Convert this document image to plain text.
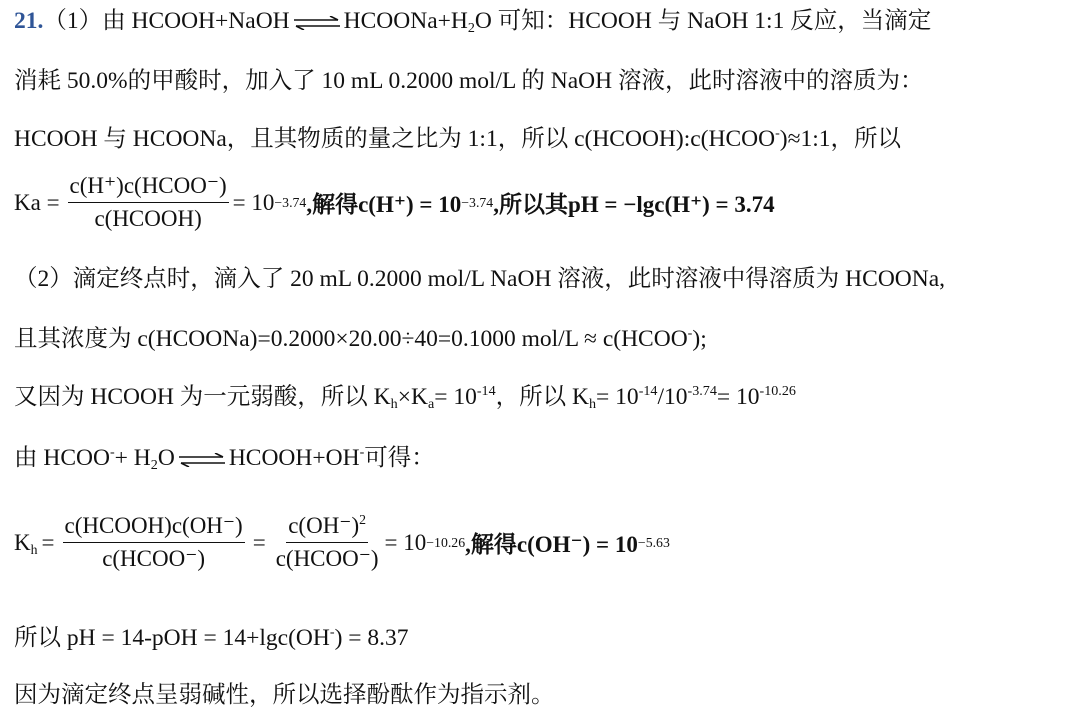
21.（1）由 HCOOH+NaOH ⇌ $HCOONa+H_2O$ 可知：HCOOH 与 NaOH 1:1 反应，当滴定
消耗 50.0%的甲酸时，加入了 10 mL 0.2000 mol/L 的 NaOH 溶液，此时溶液中的溶质为：
HCOOH 与 HCOONa，且其物质的量之比为 1:1，所以 c(HCOOH):c(HCOO-)≈1:1，所以
$Ka = \frac{\text{c(H⁺)c(HCOO⁻)}}{\text{c(HCOOH)}} = 10 -3.74$ ,解得c(H⁺) = 10 −3.74 ,所以其pH = −lgc(H⁺) = 3.74
（2）滴定终点时，滴入了 20 mL 0.2000 mol/L NaOH 溶液，此时溶液中得溶质为 HCOONa,
且其浓度为 c(HCOONa)=0.2000×20.00÷40=0.1000 mol/L ≈ c(HCOO-);
又因为 HCOOH 为一元弱酸，所以 $K_h\times K_a= 10^{-14}$，所以 $K_h= 10^{-14}/10^{-3.74}= 10^{-10.26}$
由 HCOO-+ $H_2O$ ⇌ HCOOH+OH-可得：
$K_h = \frac{\text{c(HCOOH)c(OH⁻)}}{\text{c(HCOO⁻)}} = \frac{c(OH^-)^2}{\text{c(HCOO⁻)}} = 10 -10.26$ ,解得c(OH⁻) = 10 −5.63
所以 pH = 14-pOH = 14+lgc(OH-) = 8.37
因为滴定终点呈弱碱性，所以选择酚酞作为指示剂。
